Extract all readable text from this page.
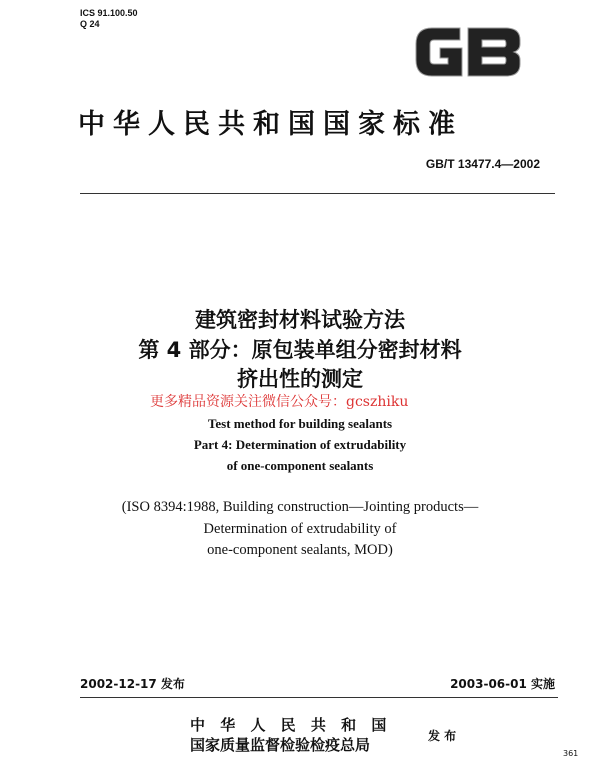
ICS 91.100.50
Q 24
中华人民共和国国家标准
GB/T 13477.4—2002
建筑密封材料试验方法
第 4 部分：原包装单组分密封材料
挤出性的测定
更多精品资源关注微信公众号：gcszhiku
Test method for building sealants
Part 4: Determination of extrudability
of one-component sealants
(ISO 8394:1988, Building construction—Jointing products—
Determination of extrudability of
one-component sealants, MOD)
2002-12-17 发布	2003-06-01 实施
中 华 人 民 共 和 国
国家质量监督检验检疫总局	发 布
361
